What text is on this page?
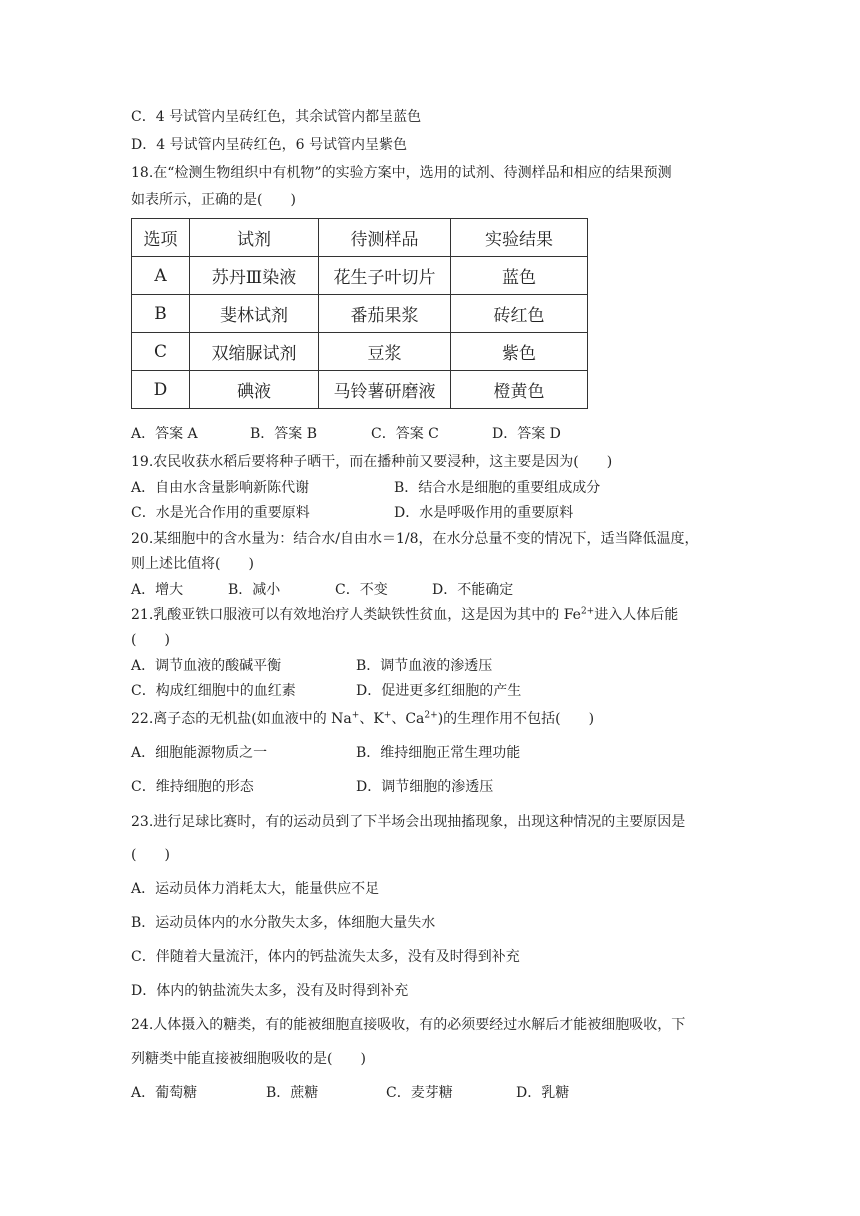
C．4 号试管内呈砖红色，其余试管内都呈蓝色
D．4 号试管内呈砖红色，6 号试管内呈紫色
18.在“检测生物组织中有机物”的实验方案中，选用的试剂、待测样品和相应的结果预测
如表所示，正确的是(　　)
选项	试剂	待测样品	实验结果
A	苏丹Ⅲ染液	花生子叶切片	蓝色
B	斐林试剂	番茄果浆	砖红色
C	双缩脲试剂	豆浆	紫色
D	碘液	马铃薯研磨液	橙黄色
A．答案 A	B．答案 B	C．答案 C	D．答案 D
19.农民收获水稻后要将种子晒干，而在播种前又要浸种，这主要是因为(　　)
A．自由水含量影响新陈代谢	B．结合水是细胞的重要组成成分
C．水是光合作用的重要原料	D．水是呼吸作用的重要原料
20.某细胞中的含水量为：结合水/自由水＝1/8，在水分总量不变的情况下，适当降低温度，
则上述比值将(　　)
A．增大	B．减小	C．不变	D．不能确定
21.乳酸亚铁口服液可以有效地治疗人类缺铁性贫血，这是因为其中的 $Fe^{2+}$进入人体后能
(　　)
A．调节血液的酸碱平衡	B．调节血液的渗透压
C．构成红细胞中的血红素	D．促进更多红细胞的产生
22.离子态的无机盐(如血液中的 Na+、K+、$Ca^{2+}$)的生理作用不包括(　　)
A．细胞能源物质之一	B．维持细胞正常生理功能
C．维持细胞的形态	D．调节细胞的渗透压
23.进行足球比赛时，有的运动员到了下半场会出现抽搐现象，出现这种情况的主要原因是
(　　)
A．运动员体力消耗太大，能量供应不足
B．运动员体内的水分散失太多，体细胞大量失水
C．伴随着大量流汗，体内的钙盐流失太多，没有及时得到补充
D．体内的钠盐流失太多，没有及时得到补充
24.人体摄入的糖类，有的能被细胞直接吸收，有的必须要经过水解后才能被细胞吸收，下
列糖类中能直接被细胞吸收的是(　　)
A．葡萄糖	B．蔗糖	C．麦芽糖	D．乳糖
